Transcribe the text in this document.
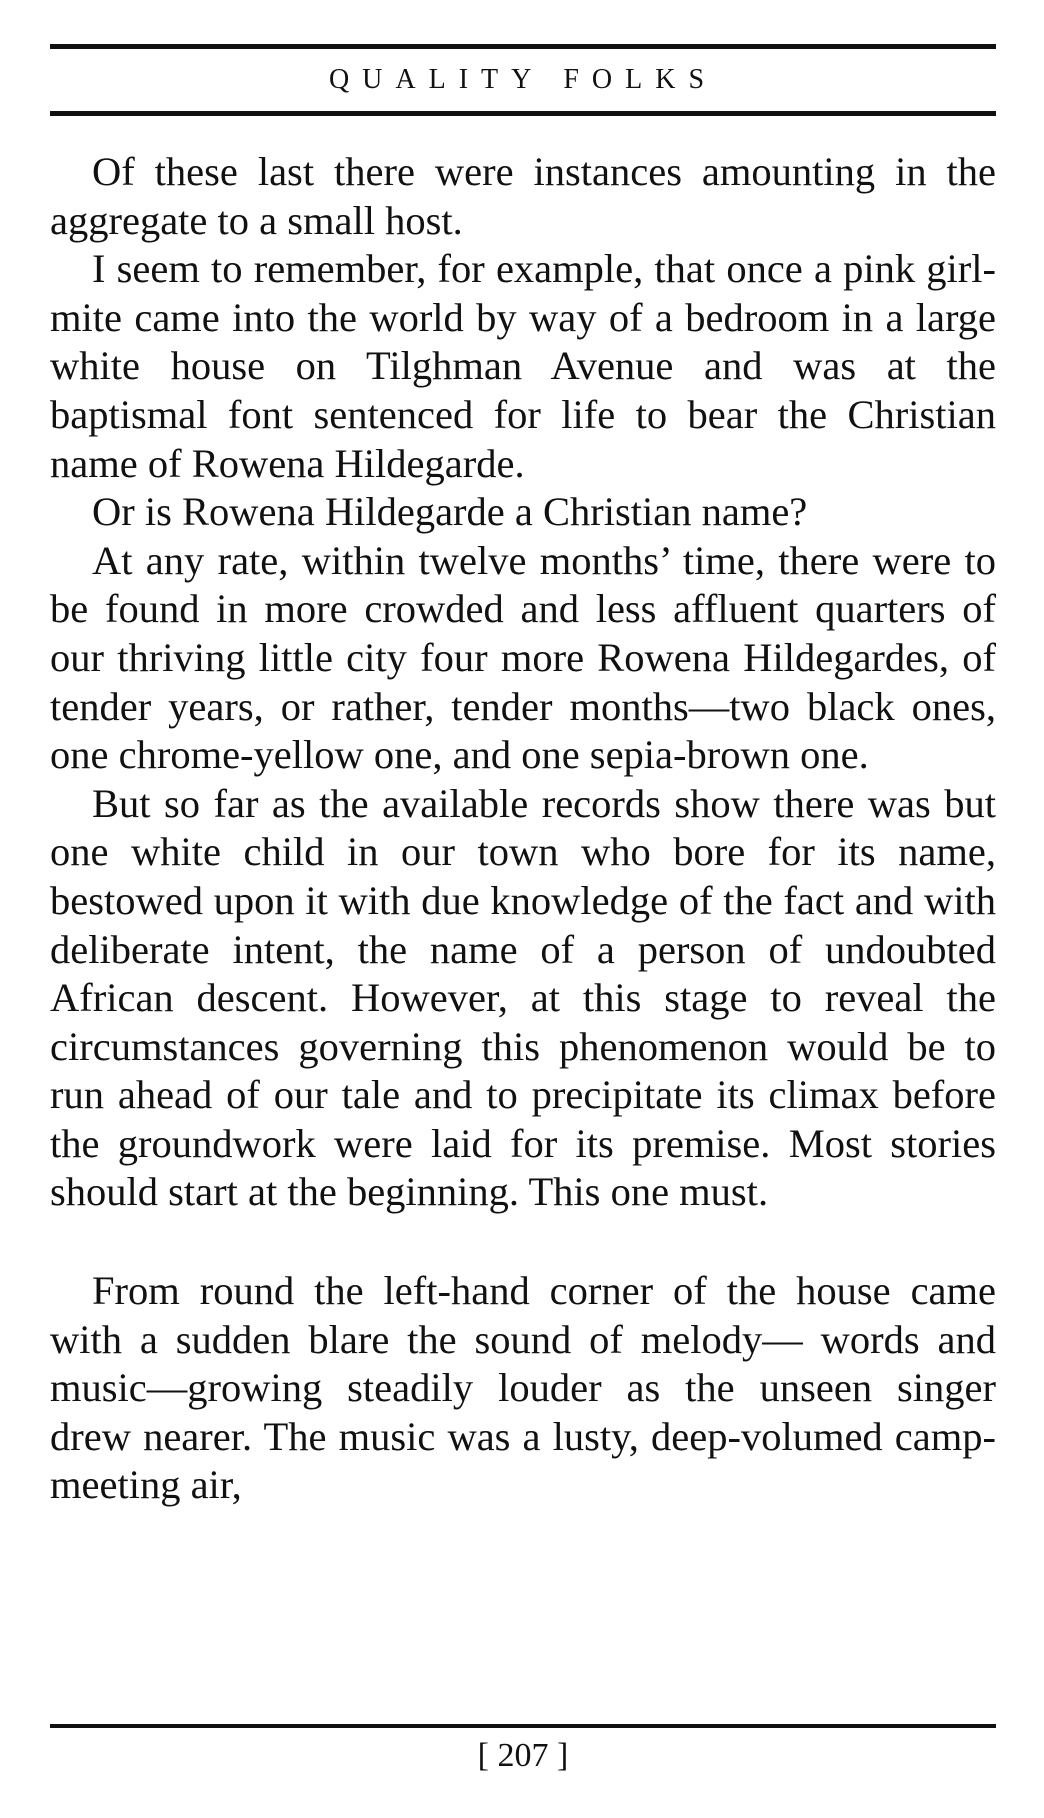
QUALITY FOLKS

Of these last there were instances amounting in the aggregate to a small host.

I seem to remember, for example, that once a pink girl-mite came into the world by way of a bedroom in a large white house on Tilghman Avenue and was at the baptismal font sentenced for life to bear the Christian name of Rowena Hildegarde.

Or is Rowena Hildegarde a Christian name?

At any rate, within twelve months’ time, there were to be found in more crowded and less affluent quarters of our thriving little city four more Rowena Hildegardes, of tender years, or rather, tender months—two black ones, one chrome-yellow one, and one sepia-brown one.

But so far as the available records show there was but one white child in our town who bore for its name, bestowed upon it with due knowledge of the fact and with deliberate intent, the name of a person of undoubted African descent. However, at this stage to reveal the circumstances governing this phenomenon would be to run ahead of our tale and to precipitate its climax before the groundwork were laid for its premise. Most stories should start at the beginning. This one must.

From round the left-hand corner of the house came with a sudden blare the sound of melody— words and music—growing steadily louder as the unseen singer drew nearer. The music was a lusty, deep-volumed camp-meeting air,

[ 207 ]
